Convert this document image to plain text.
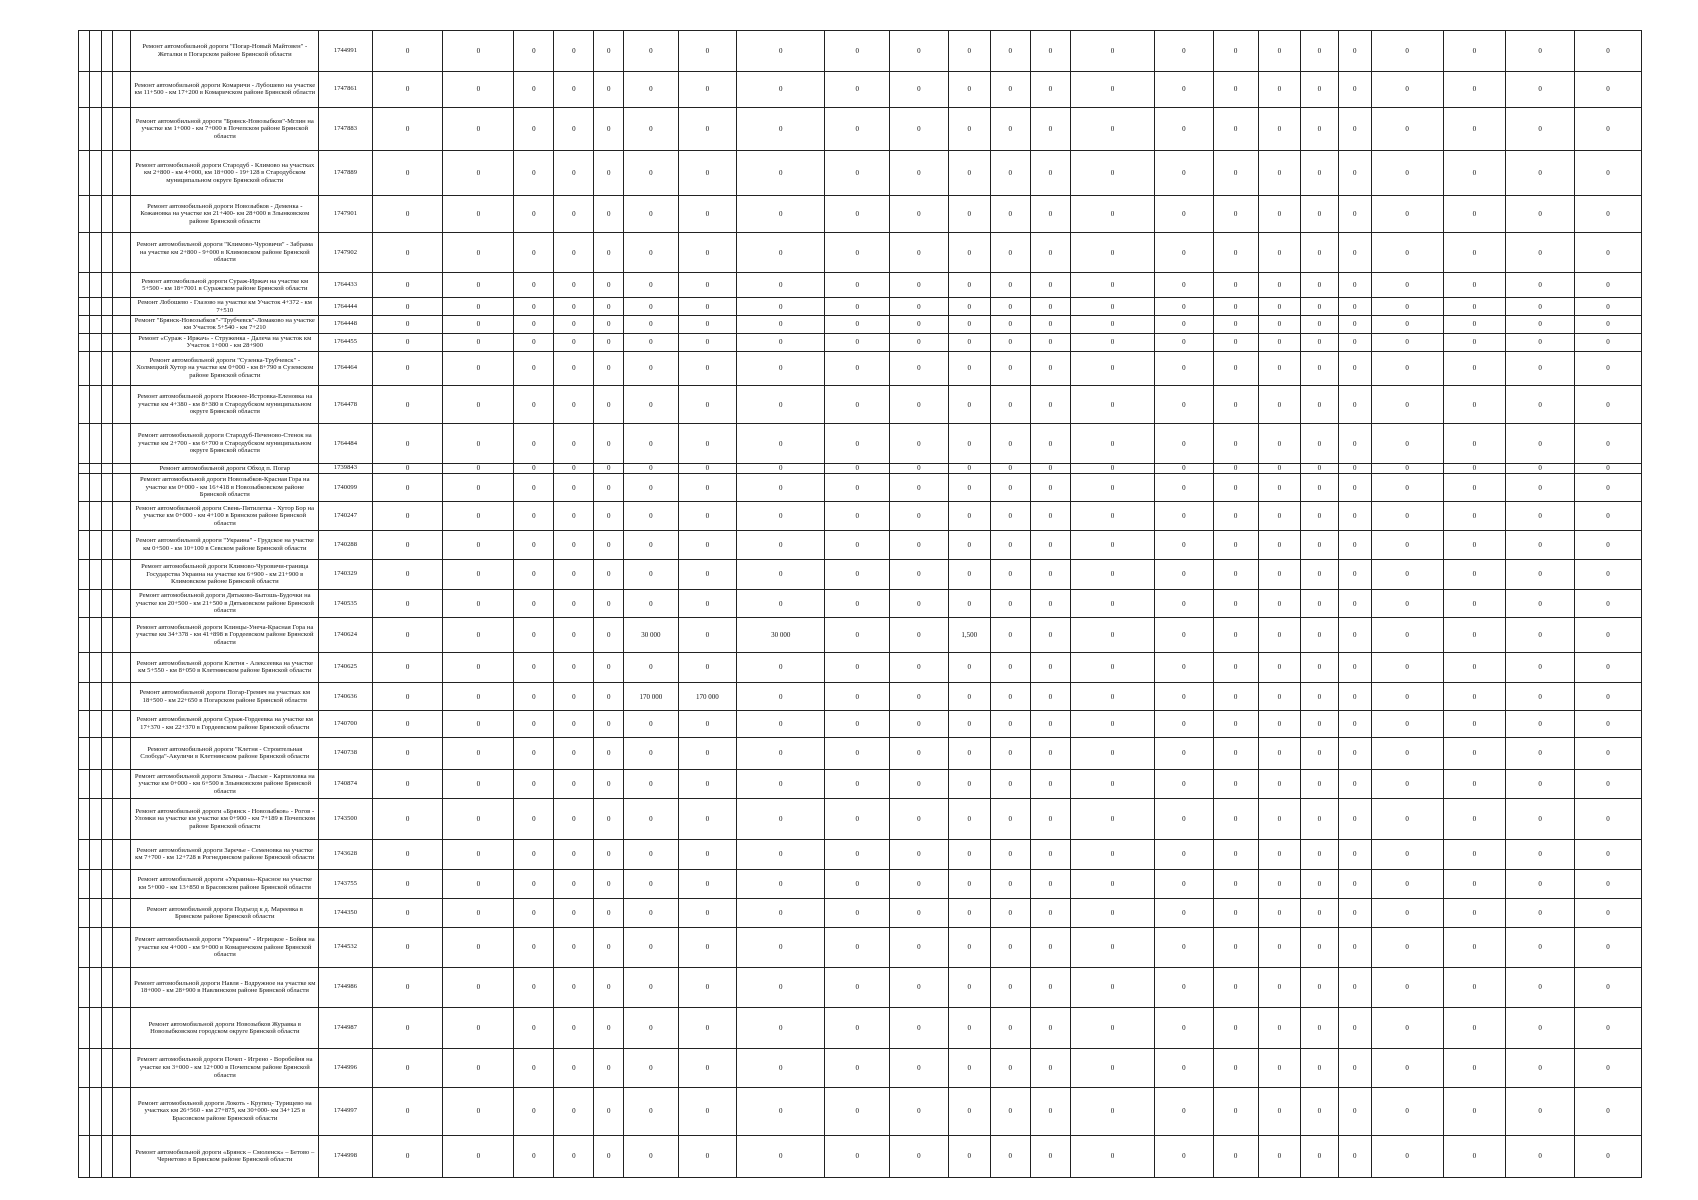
				Ремонт автомобильной дороги "Погар-Новый Майтовен" - Жеталки в Погарском районе Брянской области	1744991	0	0	0	0	0	0	0	0	0	0	0	0	0	0	0	0	0	0	0	0	0	0	0
				Ремонт автомобильной дороги Комаричи - Лубошево на участке км 11+500 - км 17+200 в Комаричском районе Брянской области	1747861	0	0	0	0	0	0	0	0	0	0	0	0	0	0	0	0	0	0	0	0	0	0	0
				Ремонт автомобильной дороги "Брянск-Новозыбков"-Мглин на участке км 1+000 - км 7+000 в Почепском районе Брянской области	1747883	0	0	0	0	0	0	0	0	0	0	0	0	0	0	0	0	0	0	0	0	0	0	0
				Ремонт автомобильной дороги Стародуб - Климово на участках км 2+800 - км 4+000, км 18+000 - 19+128 в Стародубском муниципальном округе Брянской области	1747889	0	0	0	0	0	0	0	0	0	0	0	0	0	0	0	0	0	0	0	0	0	0	0
				Ремонт автомобильной дороги Новозыбков - Деменка - Кожановка на участке км 21+400- км 28+000 в Злынковском районе Брянской области	1747901	0	0	0	0	0	0	0	0	0	0	0	0	0	0	0	0	0	0	0	0	0	0	0
				Ремонт автомобильной дороги "Климово-Чуровичи" - Забрама на участке км 2+800 - 9+000 в Климовском районе Брянской области	1747902	0	0	0	0	0	0	0	0	0	0	0	0	0	0	0	0	0	0	0	0	0	0	0
				Ремонт автомобильной дороги Сураж-Иржач на участке км 5+500 - км 18+7001 в Суражском районе Брянской области	1764433	0	0	0	0	0	0	0	0	0	0	0	0	0	0	0	0	0	0	0	0	0	0	0
				Ремонт Лобошево - Глазово на участке км Участок 4+372 - км 7+510	1764444	0	0	0	0	0	0	0	0	0	0	0	0	0	0	0	0	0	0	0	0	0	0	0
				Ремонт "Брянск-Новозыбков"-"Трубчевск"-Ломаково на участке км Участок 5+540 - км 7+210	1764448	0	0	0	0	0	0	0	0	0	0	0	0	0	0	0	0	0	0	0	0	0	0	0
				Ремонт «Сураж - Иржач» - Струженка - Далеча на участок км Участок 1+000 - км 28+900	1764455	0	0	0	0	0	0	0	0	0	0	0	0	0	0	0	0	0	0	0	0	0	0	0
				Ремонт автомобильной дороги "Сузенка-Трубчевск" - Холмецкий Хутор на участке км 0+000 - км 8+790 в Суземском районе Брянской области	1764464	0	0	0	0	0	0	0	0	0	0	0	0	0	0	0	0	0	0	0	0	0	0	0
				Ремонт автомобильной дороги Нижнее-Истровка-Еленовка на участке км 4+380 - км 8+380 в Стародубском муниципальном округе Брянской области	1764478	0	0	0	0	0	0	0	0	0	0	0	0	0	0	0	0	0	0	0	0	0	0	0
				Ремонт автомобильной дороги Стародуб-Печеново-Стенок на участке км 2+700 - км 6+700 в Стародубском муниципальном округе Брянской области	1764484	0	0	0	0	0	0	0	0	0	0	0	0	0	0	0	0	0	0	0	0	0	0	0
				Ремонт автомобильной дороги Обход п. Погар	1739843	0	0	0	0	0	0	0	0	0	0	0	0	0	0	0	0	0	0	0	0	0	0	0
				Ремонт автомобильной дороги Новозыбков-Красная Гора на участке км 0+000 - км 16+418 в Новозыбковском районе Брянской области	1740099	0	0	0	0	0	0	0	0	0	0	0	0	0	0	0	0	0	0	0	0	0	0	0
				Ремонт автомобильной дороги Свень-Пятилетка - Хутор Бор на участке км 0+000 - км 4+100 в Брянском районе Брянской области	1740247	0	0	0	0	0	0	0	0	0	0	0	0	0	0	0	0	0	0	0	0	0	0	0
				Ремонт автомобильной дороги "Украина" - Грудское на участке км 0+500 - км 10+100 в Севском районе Брянской области	1740288	0	0	0	0	0	0	0	0	0	0	0	0	0	0	0	0	0	0	0	0	0	0	0
				Ремонт автомобильной дороги Климово-Чуровичи-граница Государства Украина на участке км 6+900 - км 21+900 в Климовском районе Брянской области	1740329	0	0	0	0	0	0	0	0	0	0	0	0	0	0	0	0	0	0	0	0	0	0	0
				Ремонт автомобильной дороги Дятьково-Бытошь-Будочки на участке км 20+500 - км 21+500 в Дятьковском районе Брянской области	1740535	0	0	0	0	0	0	0	0	0	0	0	0	0	0	0	0	0	0	0	0	0	0	0
				Ремонт автомобильной дороги Клинцы-Унеча-Красная Гора на участке км 34+378 - км 41+898 в Гордеевском районе Брянской области	1740624	0	0	0	0	0	30 000	0	30 000	0	0	1,500	0	0	0	0	0	0	0	0	0	0	0	0
				Ремонт автомобильной дороги Клетня - Алексеевка на участке км 5+550 - км 8+050 в Клетнянском районе Брянской области	1740625	0	0	0	0	0	0	0	0	0	0	0	0	0	0	0	0	0	0	0	0	0	0	0
				Ремонт автомобильной дороги Погар-Гремяч на участках км 18+500 - км 22+650 в Погарском районе Брянской области	1740636	0	0	0	0	0	170 000	170 000	0	0	0	0	0	0	0	0	0	0	0	0	0	0	0	0
				Ремонт автомобильной дороги Сураж-Гордеевка на участке км 17+370 - км 22+370 в Гордеевском районе Брянской области	1740700	0	0	0	0	0	0	0	0	0	0	0	0	0	0	0	0	0	0	0	0	0	0	0
				Ремонт автомобильной дороги "Клетня - Строительная Слобода"-Акуличи в Клетнянском районе Брянской области	1740738	0	0	0	0	0	0	0	0	0	0	0	0	0	0	0	0	0	0	0	0	0	0	0
				Ремонт автомобильной дороги Злынка - Лысые - Карпиловка на участке км 0+000 - км 6+500 в Злынковском районе Брянской области	1740874	0	0	0	0	0	0	0	0	0	0	0	0	0	0	0	0	0	0	0	0	0	0	0
				Ремонт автомобильной дороги «Брянск - Новозыбков» - Рогов - Уломки на участке км участке км 0+900 - км 7+189 в Почепском районе Брянской области	1743500	0	0	0	0	0	0	0	0	0	0	0	0	0	0	0	0	0	0	0	0	0	0	0
				Ремонт автомобильной дороги Заречье - Семеновка на участке км 7+700 - км 12+728 в Рогнединском районе Брянской области	1743628	0	0	0	0	0	0	0	0	0	0	0	0	0	0	0	0	0	0	0	0	0	0	0
				Ремонт автомобильной дороги «Украина»-Красное на участке км 5+000 - км 13+850 в Брасовском районе Брянской области	1743755	0	0	0	0	0	0	0	0	0	0	0	0	0	0	0	0	0	0	0	0	0	0	0
				Ремонт автомобильной дороги Подъезд к д. Мареевка в Брянском районе Брянской области	1744350	0	0	0	0	0	0	0	0	0	0	0	0	0	0	0	0	0	0	0	0	0	0	0
				Ремонт автомобильной дороги "Украина" - Игрицкое - Бойня на участке км 4+000 - км 9+000 в Комаричском районе Брянской области	1744532	0	0	0	0	0	0	0	0	0	0	0	0	0	0	0	0	0	0	0	0	0	0	0
				Ремонт автомобильной дороги Навля - Вздружное на участке км 18+000 - км 28+900 в Навлинском районе Брянской области	1744986	0	0	0	0	0	0	0	0	0	0	0	0	0	0	0	0	0	0	0	0	0	0	0
				Ремонт автомобильной дороги Новозыбков Журавка в Новозыбковском городском округе Брянской области	1744987	0	0	0	0	0	0	0	0	0	0	0	0	0	0	0	0	0	0	0	0	0	0	0
				Ремонт автомобильной дороги Почеп - Игрено - Воробейня на участке км 3+000 - км 12+000 в Почепском районе Брянской области	1744996	0	0	0	0	0	0	0	0	0	0	0	0	0	0	0	0	0	0	0	0	0	0	0
				Ремонт автомобильной дороги Локоть - Крупец- Турищево на участках км 26+560 - км 27+875, км 30+000- км 34+125 в Брасовском районе Брянской области	1744997	0	0	0	0	0	0	0	0	0	0	0	0	0	0	0	0	0	0	0	0	0	0	0
				Ремонт автомобильной дороги «Брянск – Смоленск» – Бетово – Чернетово в Брянском районе Брянской области	1744998	0	0	0	0	0	0	0	0	0	0	0	0	0	0	0	0	0	0	0	0	0	0	0
